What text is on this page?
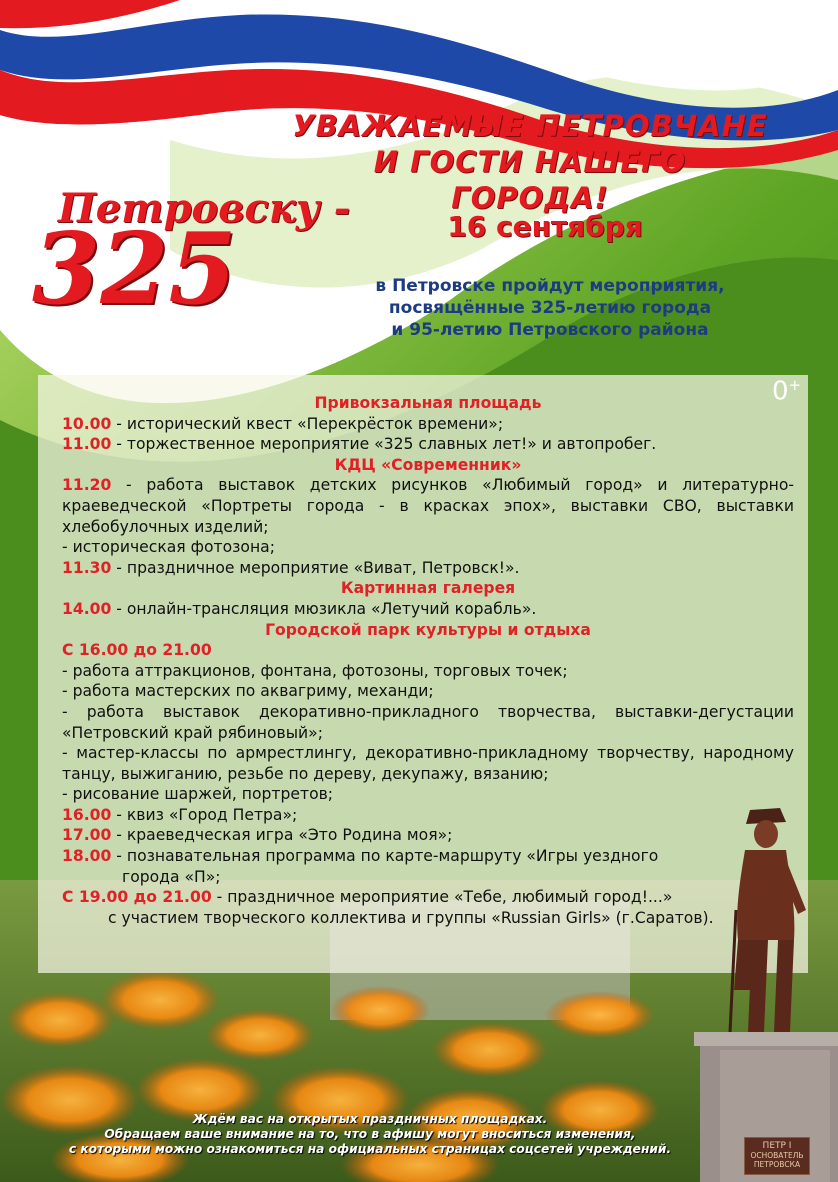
УВАЖАЕМЫЕ ПЕТРОВЧАНЕ
И ГОСТИ НАШЕГО ГОРОДА!
Петровску -
325	16 сентября
в Петровске пройдут мероприятия,
посвящённые 325-летию города
и 95-летию Петровского района
0+
Привокзальная площадь
10.00 - исторический квест «Перекрёсток времени»;
11.00 - торжественное мероприятие «325 славных лет!» и автопробег.
КДЦ «Современник»
11.20 - работа выставок детских рисунков «Любимый город» и литературно-краеведческой «Портреты города - в красках эпох», выставки СВО, выставки хлебобулочных изделий;
- историческая фотозона;
11.30 - праздничное мероприятие «Виват, Петровск!».
Картинная галерея
14.00 - онлайн-трансляция мюзикла «Летучий корабль».
Городской парк культуры и отдыха
С 16.00 до 21.00
- работа аттракционов, фонтана, фотозоны, торговых точек;
- работа мастерских по аквагриму, механди;
- работа выставок декоративно-прикладного творчества, выставки-дегустации «Петровский край рябиновый»;
- мастер-классы по армрестлингу, декоративно-прикладному творчеству, народному танцу, выжиганию, резьбе по дереву, декупажу, вязанию;
- рисование шаржей, портретов;
16.00 - квиз «Город Петра»;
17.00 - краеведческая игра «Это Родина моя»;
18.00 - познавательная программа по карте-маршруту «Игры уездного
города «П»;
С 19.00 до 21.00 - праздничное мероприятие «Тебе, любимый город!...»
с участием творческого коллектива и группы «Russian Girls» (г.Саратов).
ПЕТР I
ОСНОВАТЕЛЬ
ПЕТРОВСКА
Ждём вас на открытых праздничных площадках.
Обращаем ваше внимание на то, что в афишу могут вноситься изменения,
с которыми можно ознакомиться на официальных страницах соцсетей учреждений.
